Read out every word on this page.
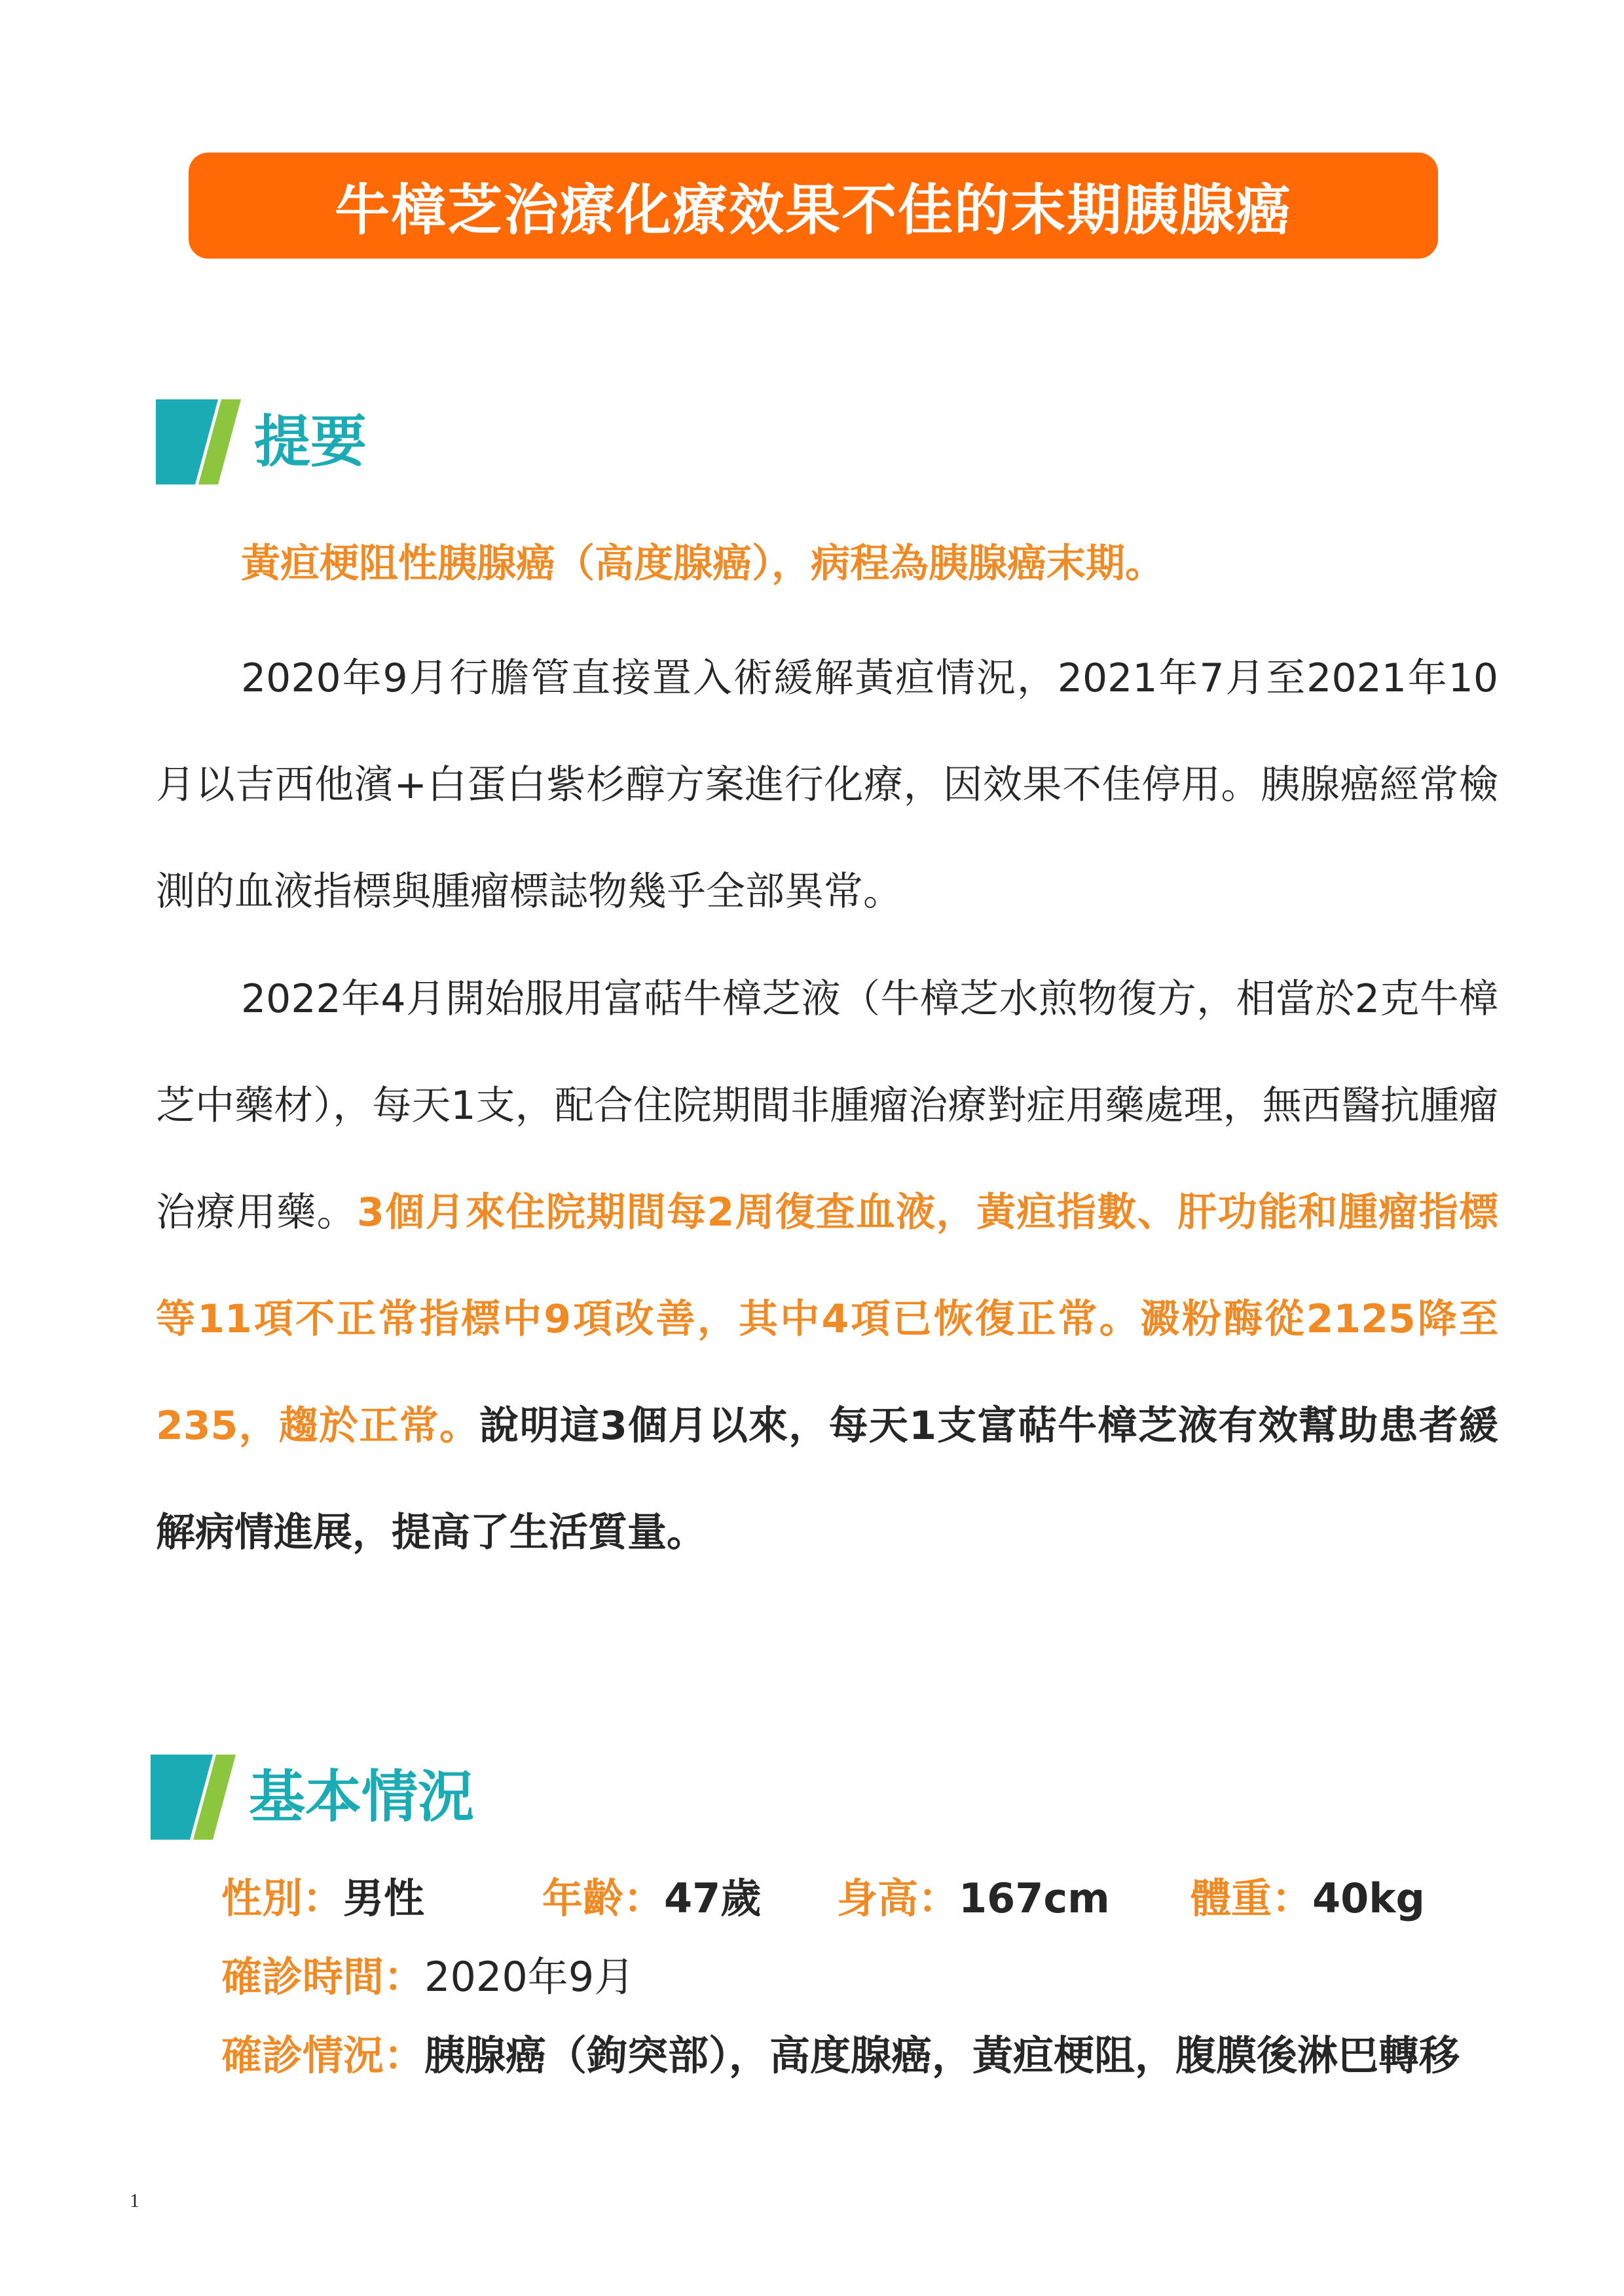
牛樟芝治療化療效果不佳的末期胰腺癌
提要
黃疸梗阻性胰腺癌（高度腺癌），病程為胰腺癌末期。
2020年9月行膽管直接置入術緩解黃疸情況，2021年7月至2021年10月以吉西他濱+白蛋白紫杉醇方案進行化療，因效果不佳停用。胰腺癌經常檢測的血液指標與腫瘤標誌物幾乎全部異常。
2022年4月開始服用富萜牛樟芝液（牛樟芝水煎物復方，相當於2克牛樟芝中藥材），每天1支，配合住院期間非腫瘤治療對症用藥處理，無西醫抗腫瘤治療用藥。3個月來住院期間每2周復查血液，黃疸指數、肝功能和腫瘤指標等11項不正常指標中9項改善，其中4項已恢復正常。澱粉酶從2125降至235，趨於正常。說明這3個月以來，每天1支富萜牛樟芝液有效幫助患者緩解病情進展，提高了生活質量。
基本情況
性別：男性	年齡：47歲 身高：167cm 體重：40kg
確診時間：2020年9月
確診情況：胰腺癌（鉤突部），高度腺癌，黃疸梗阻，腹膜後淋巴轉移
1
